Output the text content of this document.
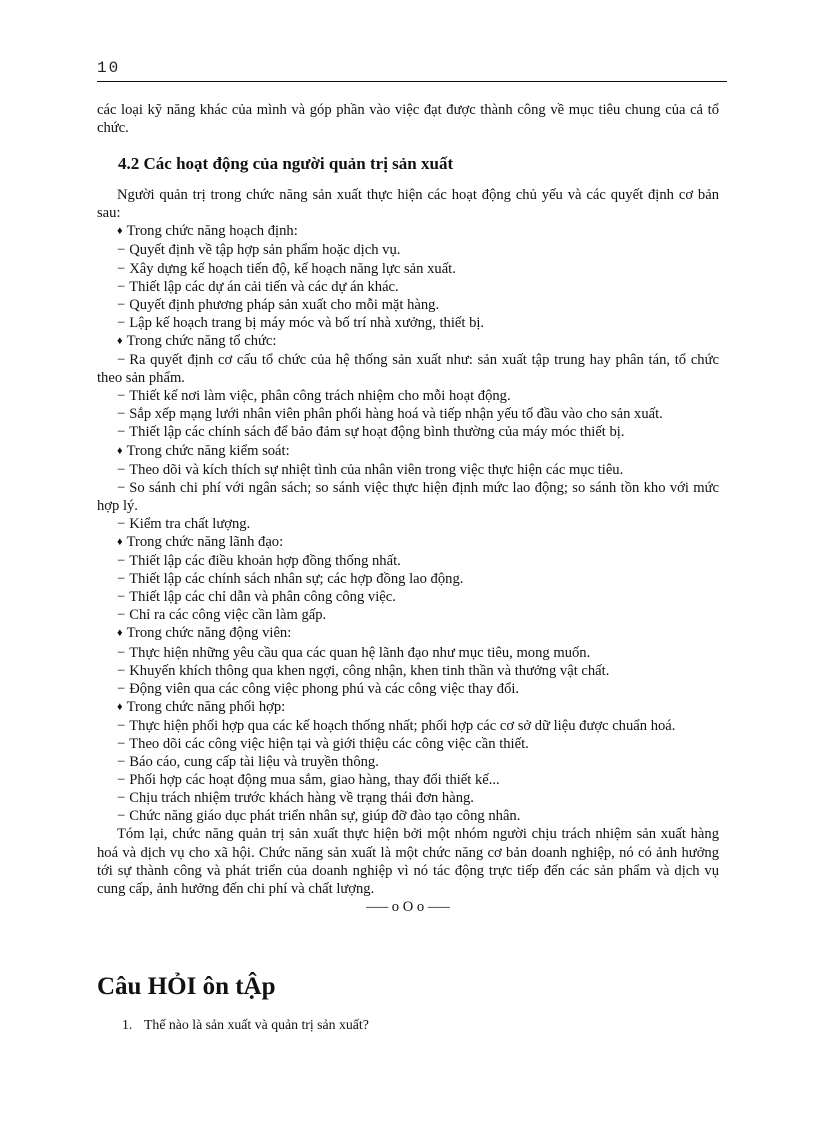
10

các loại kỹ năng khác của mình và góp phần vào việc đạt được thành công về mục tiêu chung của cả tổ chức.

4.2 Các hoạt động của người quản trị sản xuất

Người quản trị trong chức năng sản xuất thực hiện các hoạt động chủ yếu và các quyết định cơ bản sau:

♦ Trong chức năng hoạch định:

− Quyết định về tập hợp sản phẩm hoặc dịch vụ.

− Xây dựng kế hoạch tiến độ, kế hoạch năng lực sản xuất.

− Thiết lập các dự án cải tiến và các dự án khác.

− Quyết định phương pháp sản xuất cho mỗi mặt hàng.

− Lập kế hoạch trang bị máy móc và bố trí nhà xưởng, thiết bị.

♦ Trong chức năng tổ chức:

− Ra quyết định cơ cấu tổ chức của hệ thống sản xuất như: sản xuất tập trung hay phân tán, tổ chức theo sản phẩm.

− Thiết kế nơi làm việc, phân công trách nhiệm cho mỗi hoạt động.

− Sắp xếp mạng lưới nhân viên phân phối hàng hoá và tiếp nhận yếu tố đầu vào cho sản xuất.

− Thiết lập các chính sách để bảo đảm sự hoạt động bình thường của máy móc thiết bị.

♦ Trong chức năng kiểm soát:

− Theo dõi và kích thích sự nhiệt tình của nhân viên trong việc thực hiện các mục tiêu.

− So sánh chi phí với ngân sách; so sánh việc thực hiện định mức lao động; so sánh tồn kho với mức hợp lý.

− Kiểm tra chất lượng.

♦ Trong chức năng lãnh đạo:

− Thiết lập các điều khoản hợp đồng thống nhất.

− Thiết lập các chính sách nhân sự; các hợp đồng lao động.

− Thiết lập các chỉ dẫn và phân công công việc.

− Chỉ ra các công việc cần làm gấp.

♦ Trong chức năng động viên:

− Thực hiện những yêu cầu qua các quan hệ lãnh đạo như mục tiêu, mong muốn.

− Khuyến khích thông qua khen ngợi, công nhận, khen tinh thần và thưởng vật chất.

− Động viên qua các công việc phong phú và các công việc thay đổi.

♦ Trong chức năng phối hợp:

− Thực hiện phối hợp qua các kế hoạch thống nhất; phối hợp các cơ sở dữ liệu được chuẩn hoá.

− Theo dõi các công việc hiện tại và giới thiệu các công việc cần thiết.

− Báo cáo, cung cấp tài liệu và truyền thông.

− Phối hợp các hoạt động mua sắm, giao hàng, thay đổi thiết kế...

− Chịu trách nhiệm trước khách hàng về trạng thái đơn hàng.

− Chức năng giáo dục phát triển nhân sự, giúp đỡ đào tạo công nhân.

Tóm lại, chức năng quản trị sản xuất thực hiện bởi một nhóm người chịu trách nhiệm sản xuất hàng hoá và dịch vụ cho xã hội. Chức năng sản xuất là một chức năng cơ bản doanh nghiệp, nó có ảnh hưởng tới sự thành công và phát triển của doanh nghiệp vì nó tác động trực tiếp đến các sản phẩm và dịch vụ cung cấp, ảnh hưởng đến chi phí và chất lượng.

—– o O o —–

Câu HỎI ôn tẬp
1. Thế nào là sản xuất và quản trị sản xuất?
